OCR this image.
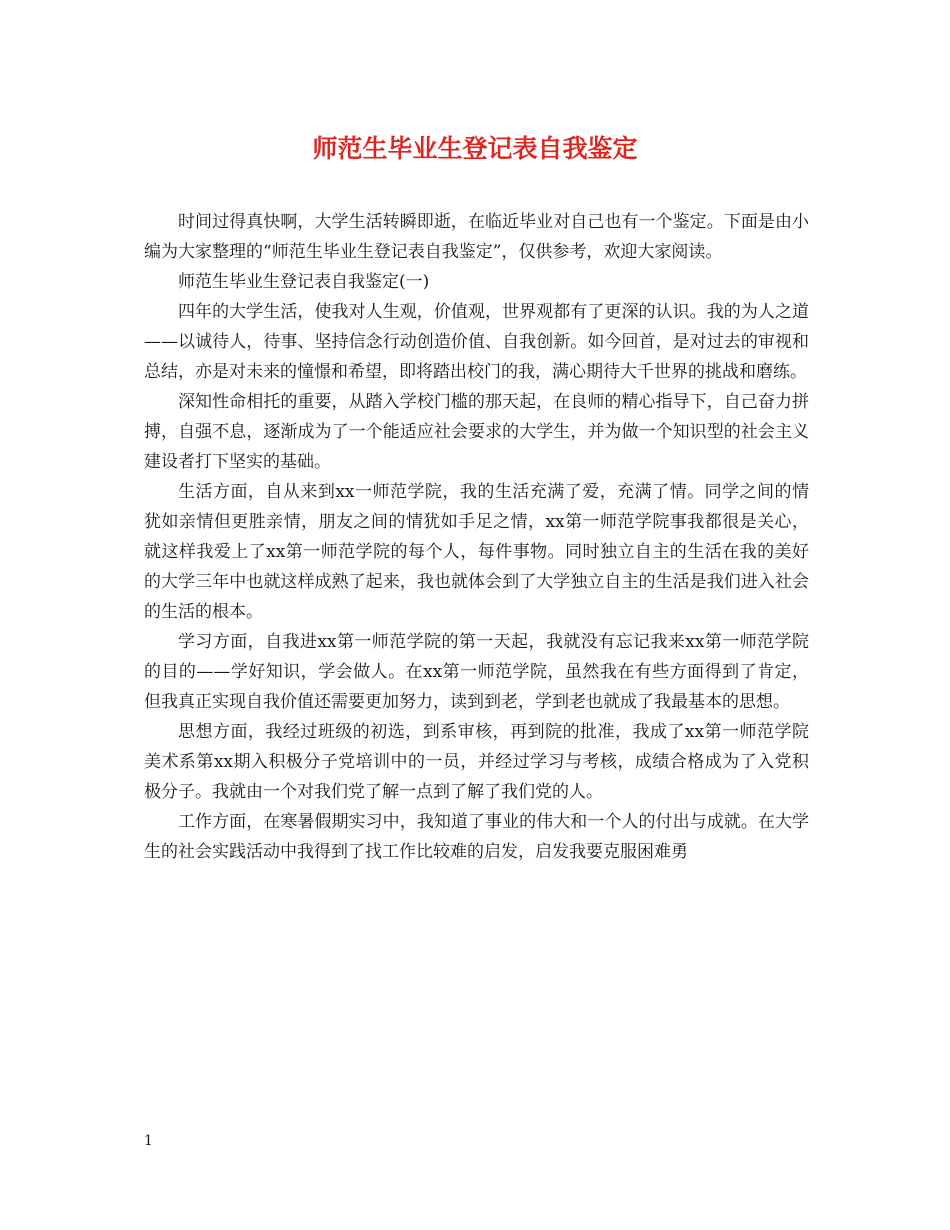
师范生毕业生登记表自我鉴定

时间过得真快啊，大学生活转瞬即逝，在临近毕业对自己也有一个鉴定。下面是由小编为大家整理的“师范生毕业生登记表自我鉴定”，仅供参考，欢迎大家阅读。

师范生毕业生登记表自我鉴定(一)

四年的大学生活，使我对人生观，价值观，世界观都有了更深的认识。我的为人之道——以诚待人，待事、坚持信念行动创造价值、自我创新。如今回首，是对过去的审视和总结，亦是对未来的憧憬和希望，即将踏出校门的我，满心期待大千世界的挑战和磨练。

深知性命相托的重要，从踏入学校门槛的那天起，在良师的精心指导下，自己奋力拼搏，自强不息，逐渐成为了一个能适应社会要求的大学生，并为做一个知识型的社会主义建设者打下坚实的基础。

生活方面，自从来到xx一师范学院，我的生活充满了爱，充满了情。同学之间的情犹如亲情但更胜亲情，朋友之间的情犹如手足之情，xx第一师范学院事我都很是关心，就这样我爱上了xx第一师范学院的每个人，每件事物。同时独立自主的生活在我的美好的大学三年中也就这样成熟了起来，我也就体会到了大学独立自主的生活是我们进入社会的生活的根本。

学习方面，自我进xx第一师范学院的第一天起，我就没有忘记我来xx第一师范学院的目的——学好知识，学会做人。在xx第一师范学院，虽然我在有些方面得到了肯定，但我真正实现自我价值还需要更加努力，读到到老，学到老也就成了我最基本的思想。

思想方面，我经过班级的初选，到系审核，再到院的批准，我成了xx第一师范学院美术系第xx期入积极分子党培训中的一员，并经过学习与考核，成绩合格成为了入党积极分子。我就由一个对我们党了解一点到了解了我们党的人。

工作方面，在寒暑假期实习中，我知道了事业的伟大和一个人的付出与成就。在大学生的社会实践活动中我得到了找工作比较难的启发，启发我要克服困难勇

1
